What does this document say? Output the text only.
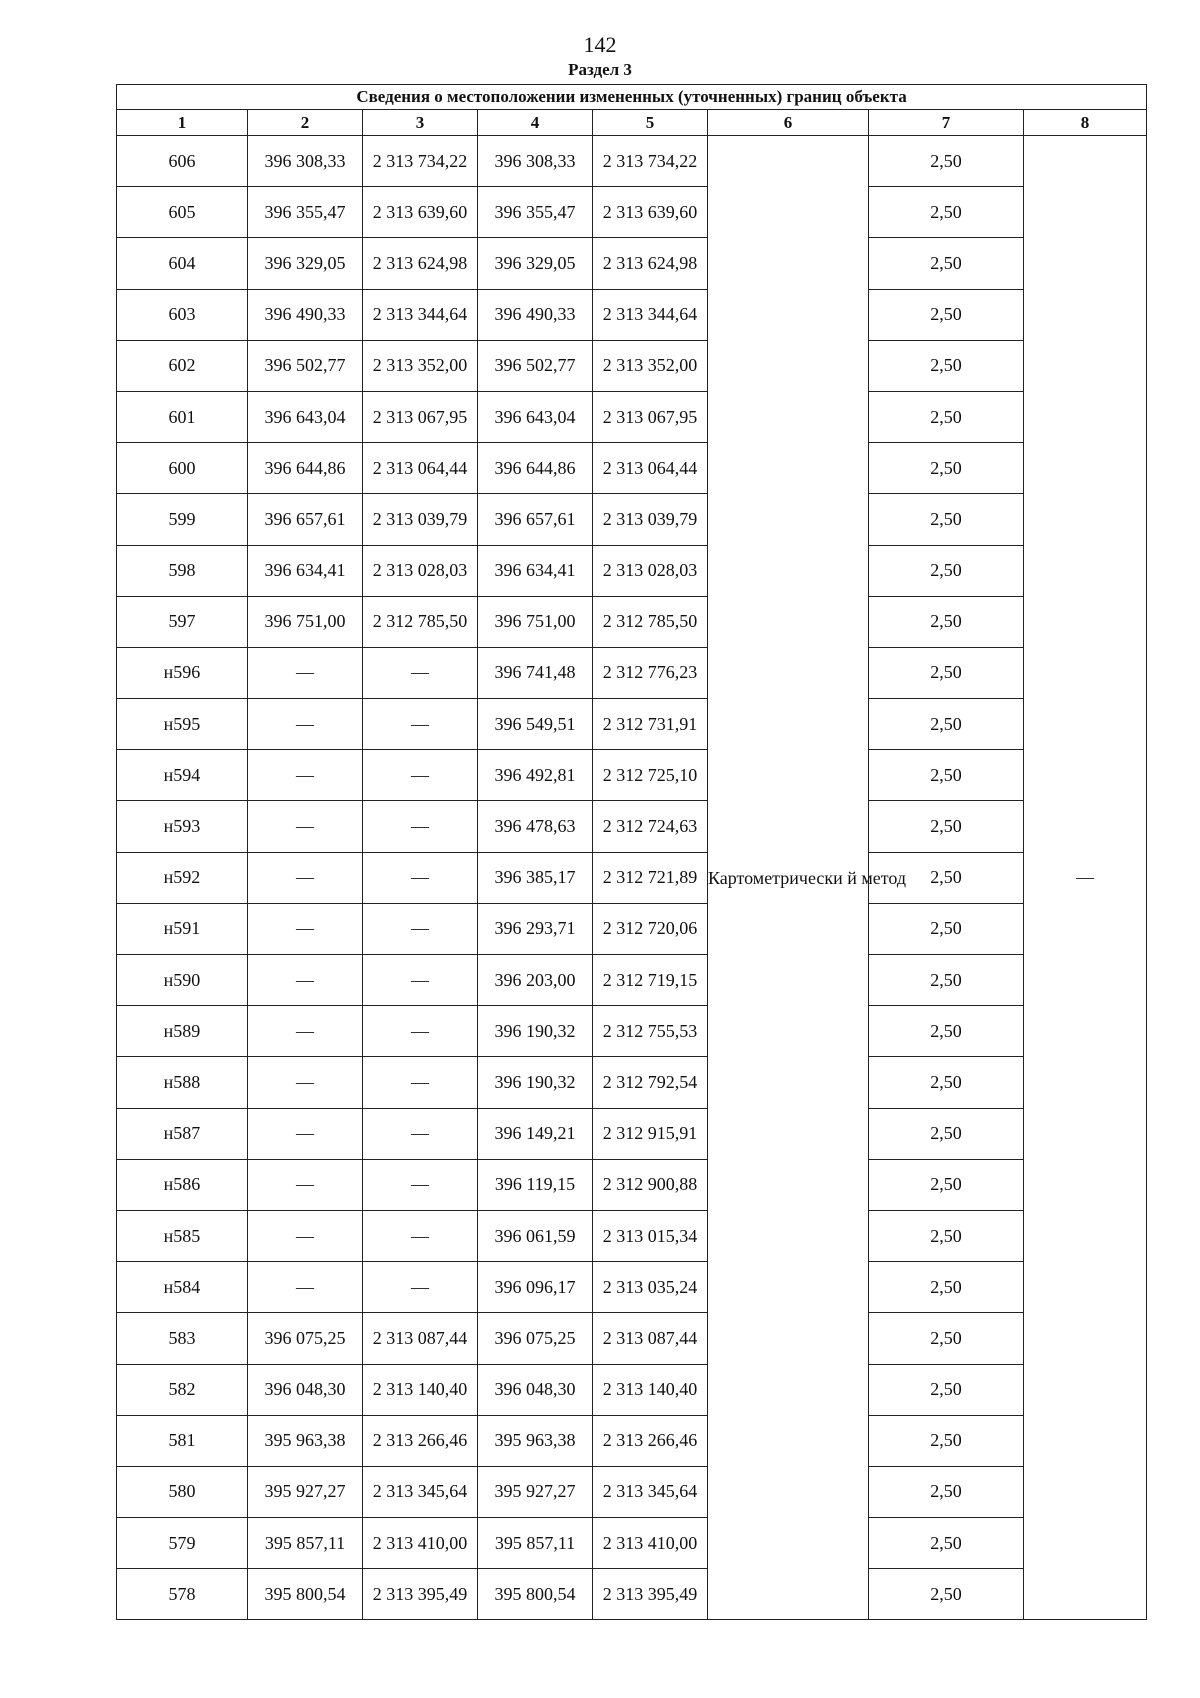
142
Раздел 3
Сведения о местоположении измененных (уточненных) границ объекта							
1	2	3	4	5	6	7	8
606	396 308,33	2 313 734,22	396 308,33	2 313 734,22	Картометрически й метод	2,50	—
605	396 355,47	2 313 639,60	396 355,47	2 313 639,60		2,50	
604	396 329,05	2 313 624,98	396 329,05	2 313 624,98		2,50	
603	396 490,33	2 313 344,64	396 490,33	2 313 344,64		2,50	
602	396 502,77	2 313 352,00	396 502,77	2 313 352,00		2,50	
601	396 643,04	2 313 067,95	396 643,04	2 313 067,95		2,50	
600	396 644,86	2 313 064,44	396 644,86	2 313 064,44		2,50	
599	396 657,61	2 313 039,79	396 657,61	2 313 039,79		2,50	
598	396 634,41	2 313 028,03	396 634,41	2 313 028,03		2,50	
597	396 751,00	2 312 785,50	396 751,00	2 312 785,50		2,50	
н596	—	—	396 741,48	2 312 776,23		2,50	
н595	—	—	396 549,51	2 312 731,91		2,50	
н594	—	—	396 492,81	2 312 725,10		2,50	
н593	—	—	396 478,63	2 312 724,63		2,50	
н592	—	—	396 385,17	2 312 721,89		2,50	
н591	—	—	396 293,71	2 312 720,06		2,50	
н590	—	—	396 203,00	2 312 719,15		2,50	
н589	—	—	396 190,32	2 312 755,53		2,50	
н588	—	—	396 190,32	2 312 792,54		2,50	
н587	—	—	396 149,21	2 312 915,91		2,50	
н586	—	—	396 119,15	2 312 900,88		2,50	
н585	—	—	396 061,59	2 313 015,34		2,50	
н584	—	—	396 096,17	2 313 035,24		2,50	
583	396 075,25	2 313 087,44	396 075,25	2 313 087,44		2,50	
582	396 048,30	2 313 140,40	396 048,30	2 313 140,40		2,50	
581	395 963,38	2 313 266,46	395 963,38	2 313 266,46		2,50	
580	395 927,27	2 313 345,64	395 927,27	2 313 345,64		2,50	
579	395 857,11	2 313 410,00	395 857,11	2 313 410,00		2,50	
578	395 800,54	2 313 395,49	395 800,54	2 313 395,49		2,50	
